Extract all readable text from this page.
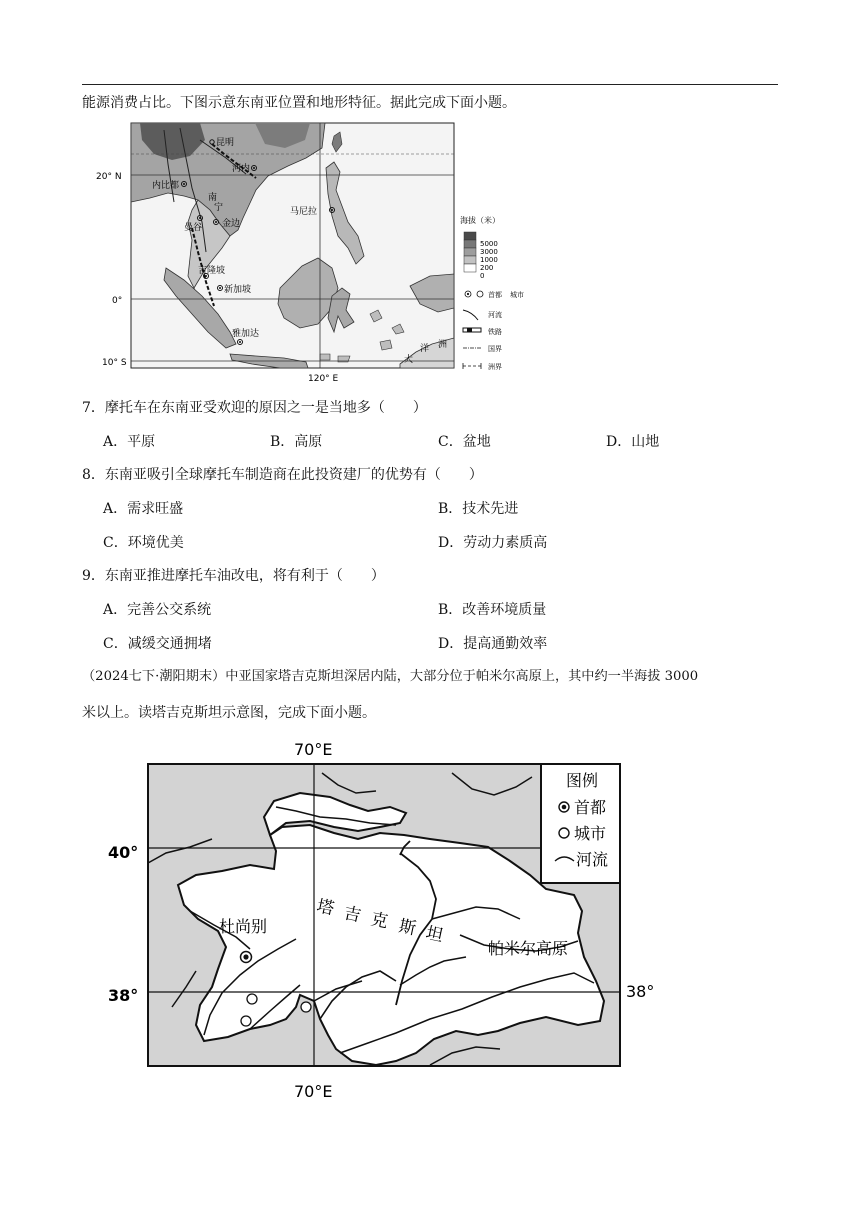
能源消费占比。下图示意东南亚位置和地形特征。据此完成下面小题。
20° N
0°
10° S
120° E
昆明
河内
内比都
南
宁
曼谷 金边
马尼拉
吉隆坡
新加坡
雅加达
大
洋 洲
海拔（米）
5000
3000
1000
200
0
首都 城市
河流
铁路
国界
洲界
7．摩托车在东南亚受欢迎的原因之一是当地多（　　）
A．平原	B．高原	C．盆地	D．山地
8．东南亚吸引全球摩托车制造商在此投资建厂的优势有（　　）
A．需求旺盛	B．技术先进
C．环境优美	D．劳动力素质高
9．东南亚推进摩托车油改电，将有利于（　　）
A．完善公交系统	B．改善环境质量
C．减缓交通拥堵	D．提高通勤效率
（2024七下·潮阳期末）中亚国家塔吉克斯坦深居内陆，大部分位于帕米尔高原上，其中约一半海拔 3000
米以上。读塔吉克斯坦示意图，完成下面小题。
70°E
70°E
40°
38°	38°
塔 吉 克 斯 坦
杜尚别
帕米尔高原
图例
首都
城市
河流
